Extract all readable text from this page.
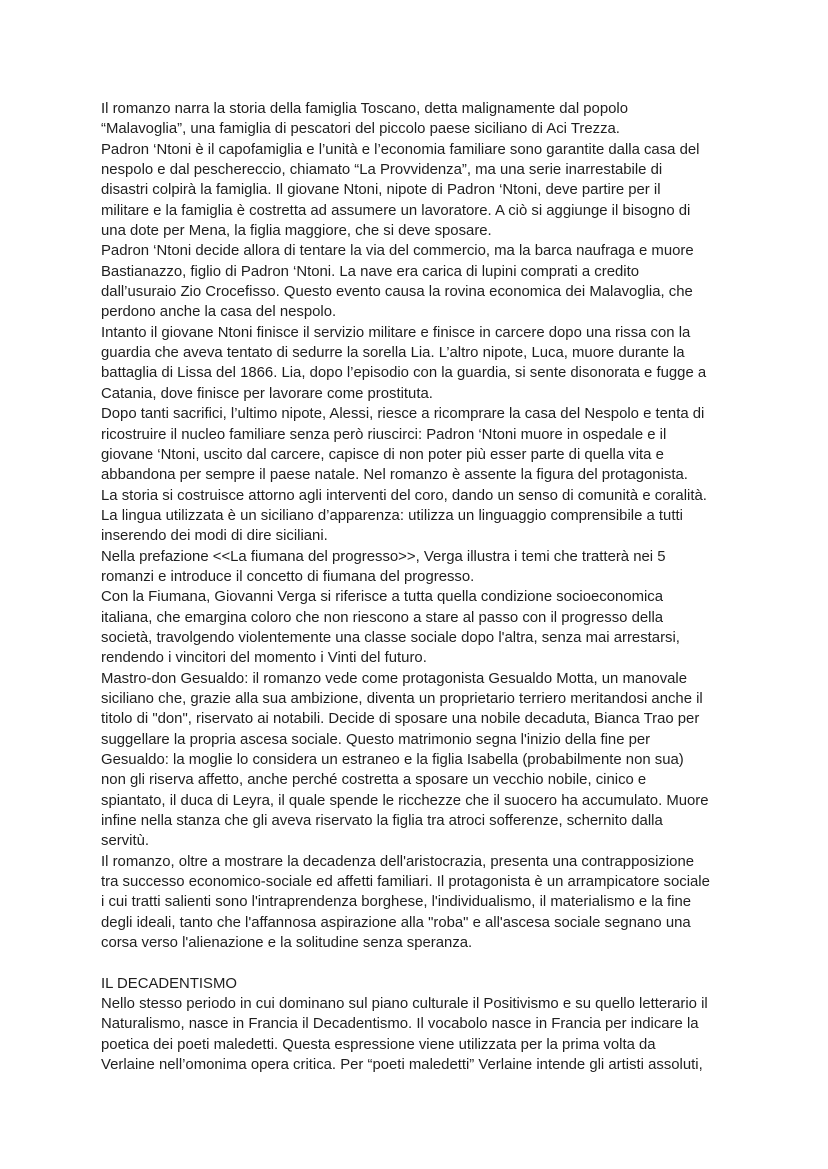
Il romanzo narra la storia della famiglia Toscano, detta malignamente dal popolo
“Malavoglia”, una famiglia di pescatori del piccolo paese siciliano di Aci Trezza.
Padron ‘Ntoni è il capofamiglia e l’unità e l’economia familiare sono garantite dalla casa del
nespolo e dal peschereccio, chiamato “La Provvidenza”, ma una serie inarrestabile di
disastri colpirà la famiglia. Il giovane Ntoni, nipote di Padron ‘Ntoni, deve partire per il
militare e la famiglia è costretta ad assumere un lavoratore. A ciò si aggiunge il bisogno di
una dote per Mena, la figlia maggiore, che si deve sposare.
Padron ‘Ntoni decide allora di tentare la via del commercio, ma la barca naufraga e muore
Bastianazzo, figlio di Padron ‘Ntoni. La nave era carica di lupini comprati a credito
dall’usuraio Zio Crocefisso. Questo evento causa la rovina economica dei Malavoglia, che
perdono anche la casa del nespolo.
Intanto il giovane Ntoni finisce il servizio militare e finisce in carcere dopo una rissa con la
guardia che aveva tentato di sedurre la sorella Lia. L’altro nipote, Luca, muore durante la
battaglia di Lissa del 1866. Lia, dopo l’episodio con la guardia, si sente disonorata e fugge a
Catania, dove finisce per lavorare come prostituta.
Dopo tanti sacrifici, l’ultimo nipote, Alessi, riesce a ricomprare la casa del Nespolo e tenta di
ricostruire il nucleo familiare senza però riuscirci: Padron ‘Ntoni muore in ospedale e il
giovane ‘Ntoni, uscito dal carcere, capisce di non poter più esser parte di quella vita e
abbandona per sempre il paese natale. Nel romanzo è assente la figura del protagonista.
La storia si costruisce attorno agli interventi del coro, dando un senso di comunità e coralità.
La lingua utilizzata è un siciliano d’apparenza: utilizza un linguaggio comprensibile a tutti
inserendo dei modi di dire siciliani.
Nella prefazione <<La fiumana del progresso>>, Verga illustra i temi che tratterà nei 5
romanzi e introduce il concetto di fiumana del progresso.
Con la Fiumana, Giovanni Verga si riferisce a tutta quella condizione socioeconomica
italiana, che emargina coloro che non riescono a stare al passo con il progresso della
società, travolgendo violentemente una classe sociale dopo l'altra, senza mai arrestarsi,
rendendo i vincitori del momento i Vinti del futuro.
Mastro-don Gesualdo: il romanzo vede come protagonista Gesualdo Motta, un manovale
siciliano che, grazie alla sua ambizione, diventa un proprietario terriero meritandosi anche il
titolo di "don", riservato ai notabili. Decide di sposare una nobile decaduta, Bianca Trao per
suggellare la propria ascesa sociale. Questo matrimonio segna l'inizio della fine per
Gesualdo: la moglie lo considera un estraneo e la figlia Isabella (probabilmente non sua)
non gli riserva affetto, anche perché costretta a sposare un vecchio nobile, cinico e
spiantato, il duca di Leyra, il quale spende le ricchezze che il suocero ha accumulato. Muore
infine nella stanza che gli aveva riservato la figlia tra atroci sofferenze, schernito dalla
servitù.
Il romanzo, oltre a mostrare la decadenza dell'aristocrazia, presenta una contrapposizione
tra successo economico-sociale ed affetti familiari. Il protagonista è un arrampicatore sociale
i cui tratti salienti sono l'intraprendenza borghese, l'individualismo, il materialismo e la fine
degli ideali, tanto che l'affannosa aspirazione alla "roba" e all'ascesa sociale segnano una
corsa verso l'alienazione e la solitudine senza speranza.
IL DECADENTISMO
Nello stesso periodo in cui dominano sul piano culturale il Positivismo e su quello letterario il
Naturalismo, nasce in Francia il Decadentismo. Il vocabolo nasce in Francia per indicare la
poetica dei poeti maledetti. Questa espressione viene utilizzata per la prima volta da
Verlaine nell’omonima opera critica. Per “poeti maledetti” Verlaine intende gli artisti assoluti,
